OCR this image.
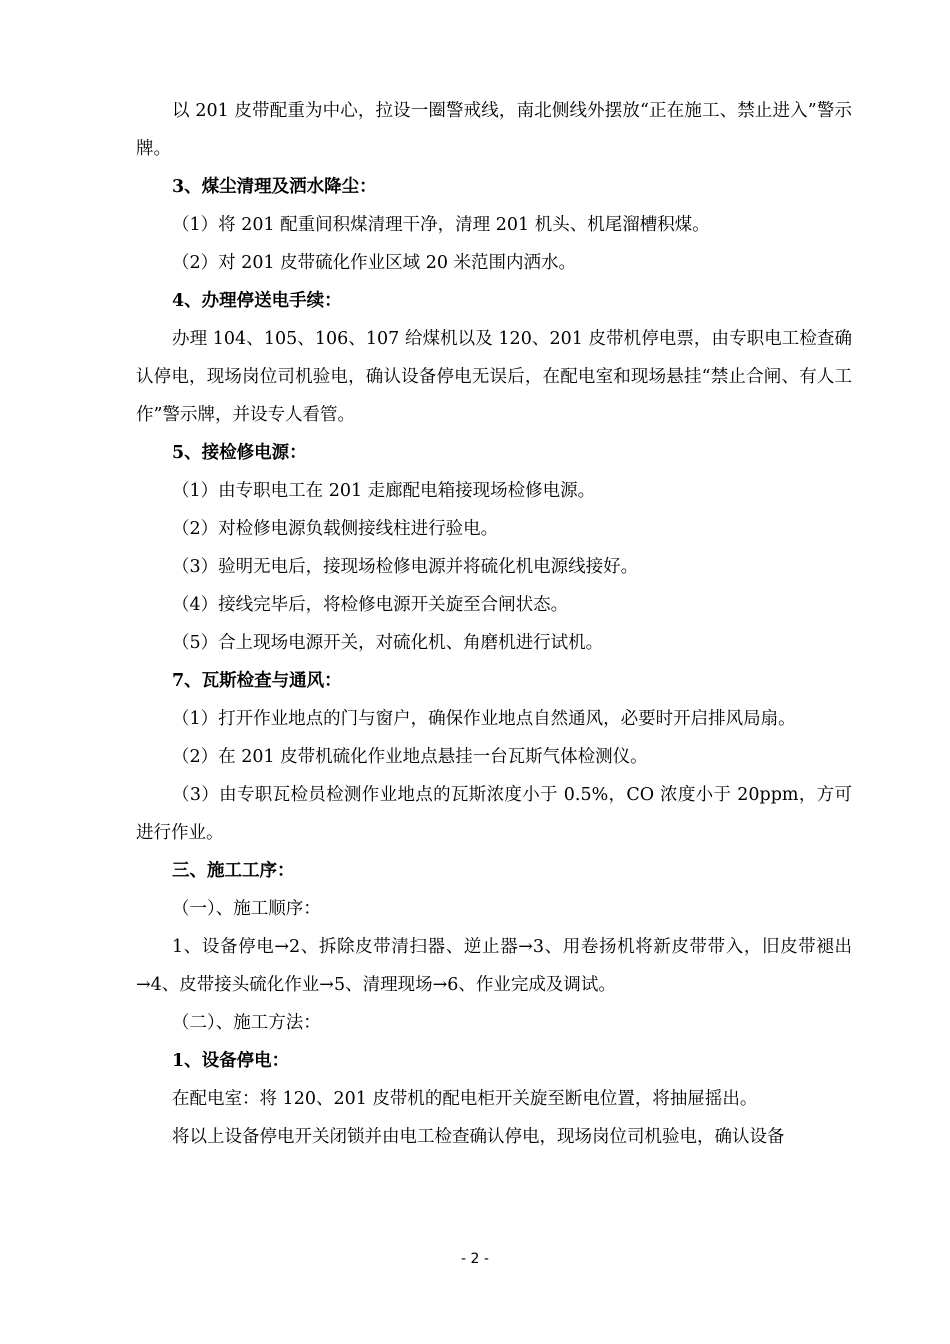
以 201 皮带配重为中心，拉设一圈警戒线，南北侧线外摆放“正在施工、禁止进入”警示牌。

3、煤尘清理及洒水降尘：

（1）将 201 配重间积煤清理干净，清理 201 机头、机尾溜槽积煤。

（2）对 201 皮带硫化作业区域 20 米范围内洒水。

4、办理停送电手续：

办理 104、105、106、107 给煤机以及 120、201 皮带机停电票，由专职电工检查确认停电，现场岗位司机验电，确认设备停电无误后，在配电室和现场悬挂“禁止合闸、有人工作”警示牌，并设专人看管。

5、接检修电源：

（1）由专职电工在 201 走廊配电箱接现场检修电源。

（2）对检修电源负载侧接线柱进行验电。

（3）验明无电后，接现场检修电源并将硫化机电源线接好。

（4）接线完毕后，将检修电源开关旋至合闸状态。

（5）合上现场电源开关，对硫化机、角磨机进行试机。

7、瓦斯检查与通风：

（1）打开作业地点的门与窗户，确保作业地点自然通风，必要时开启排风局扇。

（2）在 201 皮带机硫化作业地点悬挂一台瓦斯气体检测仪。

（3）由专职瓦检员检测作业地点的瓦斯浓度小于 0.5%，CO 浓度小于 20ppm，方可进行作业。

三、施工工序：

（一）、施工顺序：

1、设备停电→2、拆除皮带清扫器、逆止器→3、用卷扬机将新皮带带入，旧皮带褪出→4、皮带接头硫化作业→5、清理现场→6、作业完成及调试。

（二）、施工方法：

1、设备停电：

在配电室：将 120、201 皮带机的配电柜开关旋至断电位置，将抽屉摇出。

将以上设备停电开关闭锁并由电工检查确认停电，现场岗位司机验电，确认设备

- 2 -
